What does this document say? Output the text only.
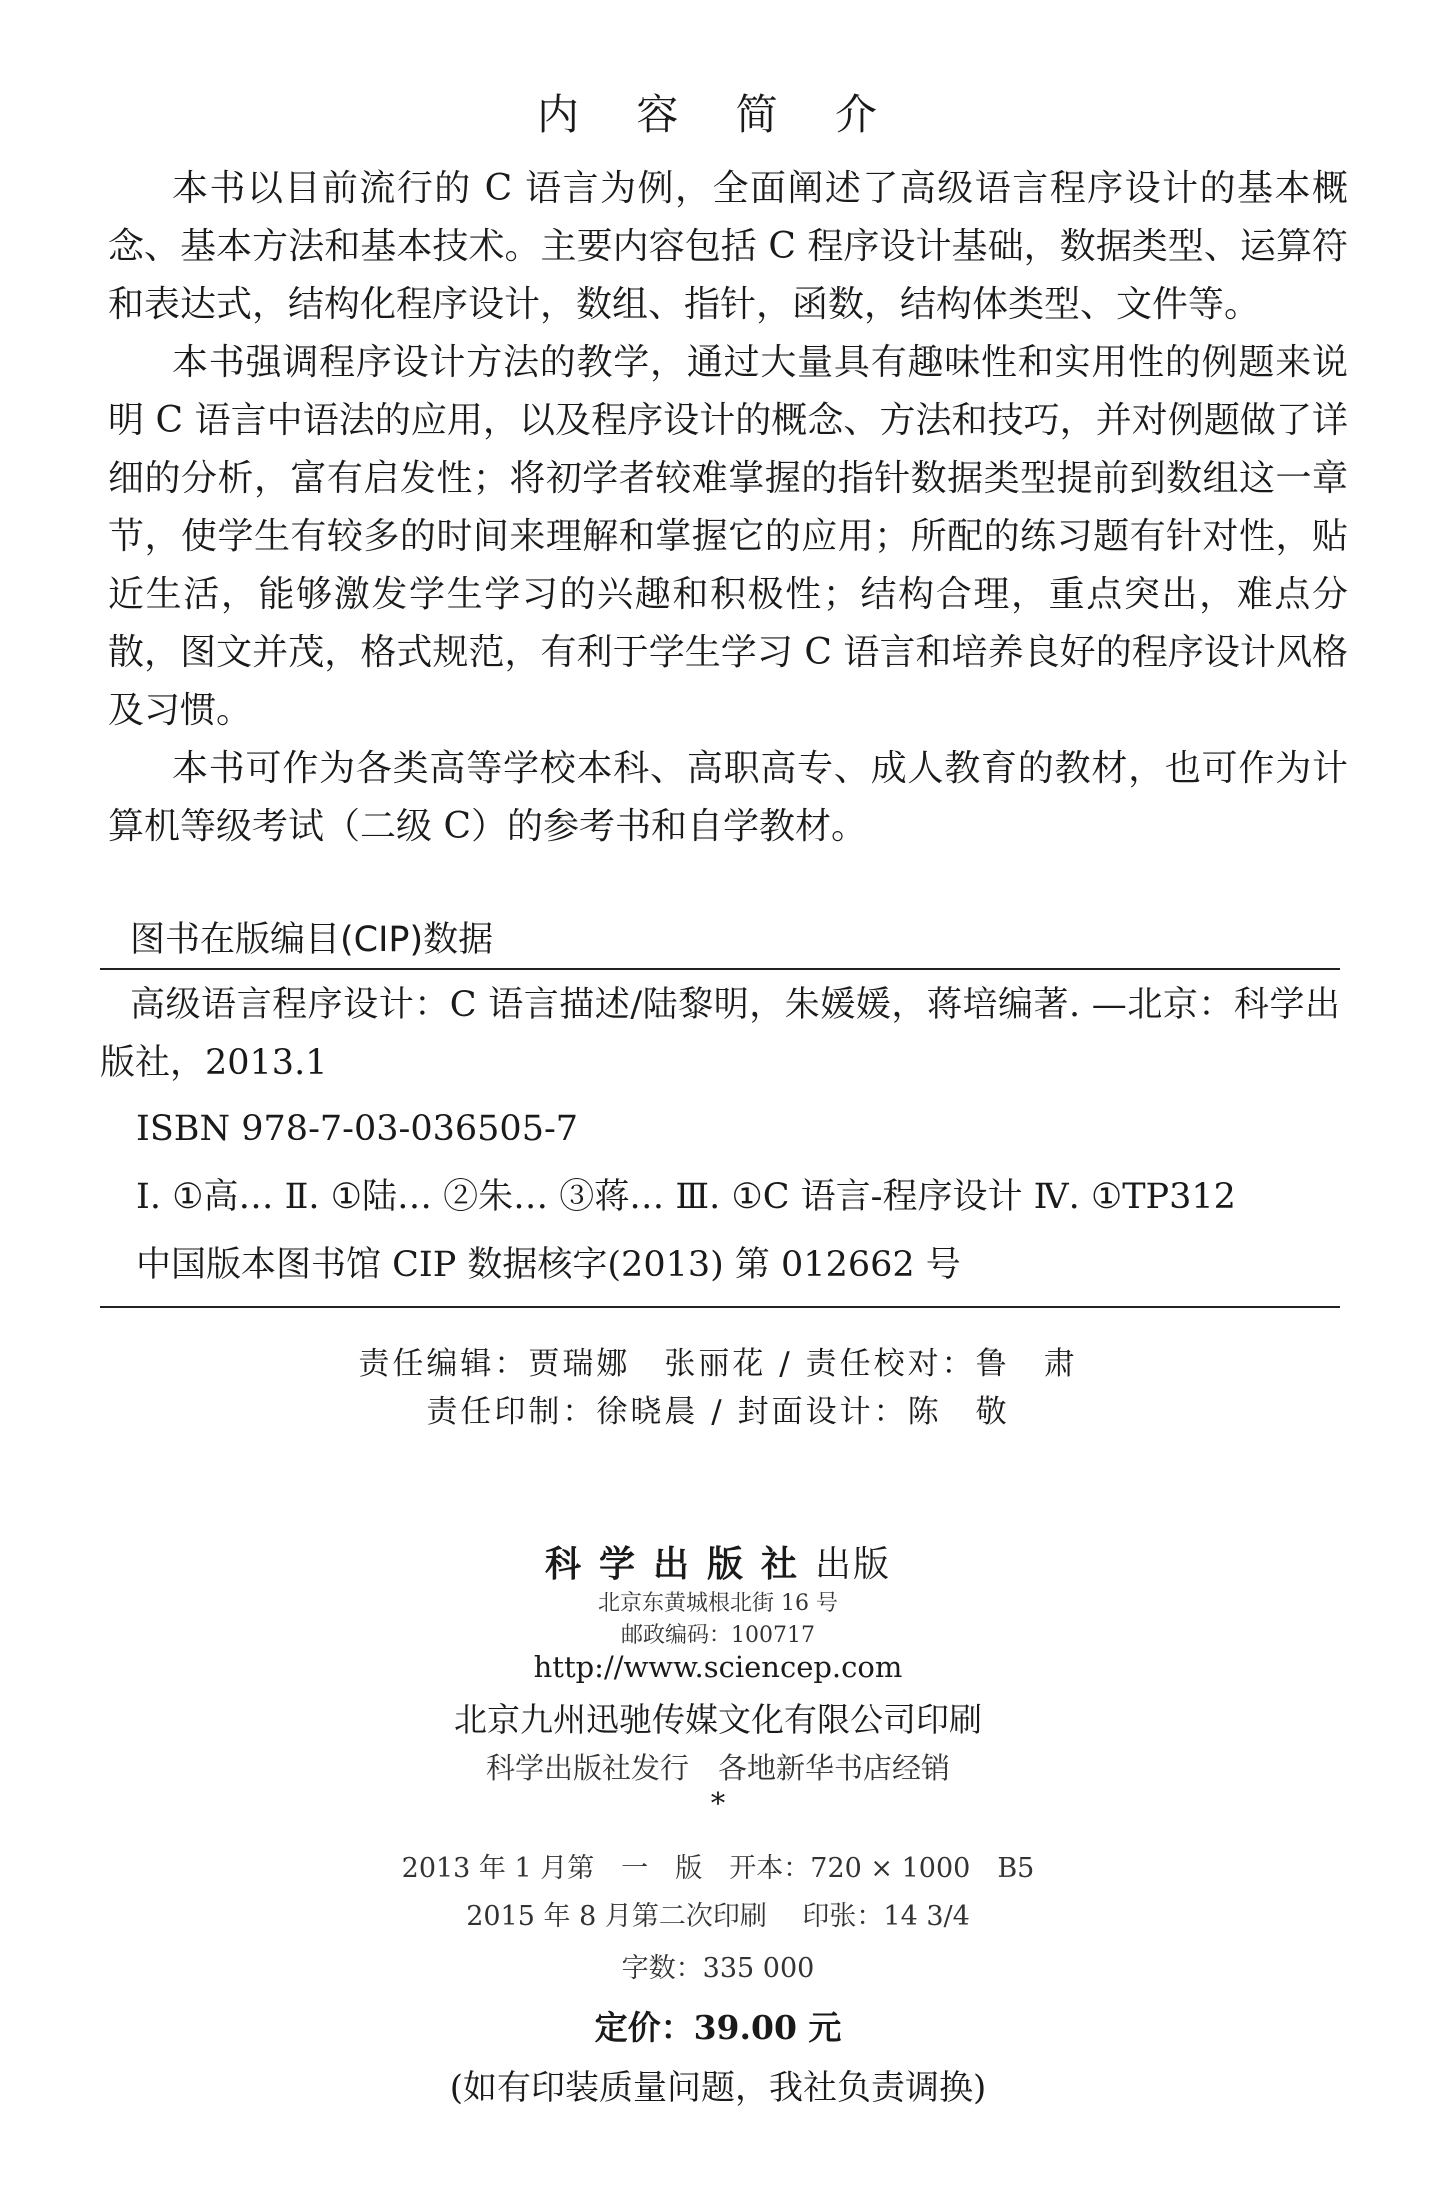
内 容 简 介

本书以目前流行的 C 语言为例，全面阐述了高级语言程序设计的基本概念、基本方法和基本技术。主要内容包括 C 程序设计基础，数据类型、运算符和表达式，结构化程序设计，数组、指针，函数，结构体类型、文件等。

本书强调程序设计方法的教学，通过大量具有趣味性和实用性的例题来说明 C 语言中语法的应用，以及程序设计的概念、方法和技巧，并对例题做了详细的分析，富有启发性；将初学者较难掌握的指针数据类型提前到数组这一章节，使学生有较多的时间来理解和掌握它的应用；所配的练习题有针对性，贴近生活，能够激发学生学习的兴趣和积极性；结构合理，重点突出，难点分散，图文并茂，格式规范，有利于学生学习 C 语言和培养良好的程序设计风格及习惯。

本书可作为各类高等学校本科、高职高专、成人教育的教材，也可作为计算机等级考试（二级 C）的参考书和自学教材。

图书在版编目(CIP)数据
高级语言程序设计：C 语言描述/陆黎明，朱媛媛，蒋培编著. —北京：科学出版社，2013.1
ISBN 978-7-03-036505-7
Ⅰ. ①高… Ⅱ. ①陆… ②朱… ③蒋… Ⅲ. ①C 语言-程序设计 Ⅳ. ①TP312
中国版本图书馆 CIP 数据核字(2013) 第 012662 号
责任编辑：贾瑞娜　张丽花 / 责任校对：鲁　肃
责任印制：徐晓晨 / 封面设计：陈　敬
科学出版社出版
北京东黄城根北街 16 号
邮政编码：100717
http://www.sciencep.com
北京九州迅驰传媒文化有限公司印刷
科学出版社发行　各地新华书店经销
*
2013 年 1 月第　一　版　开本：720 × 1000　B5
2015 年 8 月第二次印刷　 印张：14 3/4
字数：335 000
定价：39.00 元
(如有印装质量问题，我社负责调换)
